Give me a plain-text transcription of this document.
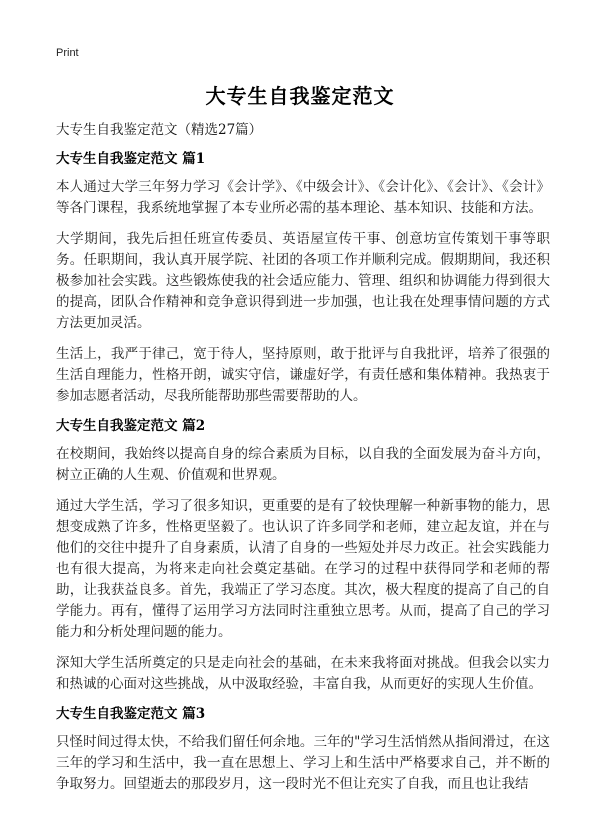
Print
大专生自我鉴定范文

大专生自我鉴定范文（精选27篇）

大专生自我鉴定范文 篇1

本人通过大学三年努力学习《会计学》、《中级会计》、《会计化》、《会计》、《会计》等各门课程，我系统地掌握了本专业所必需的基本理论、基本知识、技能和方法。

大学期间，我先后担任班宣传委员、英语屋宣传干事、创意坊宣传策划干事等职务。任职期间，我认真开展学院、社团的各项工作并顺利完成。假期期间，我还积极参加社会实践。这些锻炼使我的社会适应能力、管理、组织和协调能力得到很大的提高，团队合作精神和竞争意识得到进一步加强，也让我在处理事情问题的方式方法更加灵活。

生活上，我严于律己，宽于待人，坚持原则，敢于批评与自我批评，培养了很强的生活自理能力，性格开朗，诚实守信，谦虚好学，有责任感和集体精神。我热衷于参加志愿者活动，尽我所能帮助那些需要帮助的人。

大专生自我鉴定范文 篇2

在校期间，我始终以提高自身的综合素质为目标，以自我的全面发展为奋斗方向，树立正确的人生观、价值观和世界观。

通过大学生活，学习了很多知识，更重要的是有了较快理解一种新事物的能力，思想变成熟了许多，性格更坚毅了。也认识了许多同学和老师，建立起友谊，并在与他们的交往中提升了自身素质，认清了自身的一些短处并尽力改正。社会实践能力也有很大提高，为将来走向社会奠定基础。在学习的过程中获得同学和老师的帮助，让我获益良多。首先，我端正了学习态度。其次，极大程度的提高了自己的自学能力。再有，懂得了运用学习方法同时注重独立思考。从而，提高了自己的学习能力和分析处理问题的能力。

深知大学生活所奠定的只是走向社会的基础，在未来我将面对挑战。但我会以实力和热诚的心面对这些挑战，从中汲取经验，丰富自我，从而更好的实现人生价值。

大专生自我鉴定范文 篇3

只怪时间过得太快，不给我们留任何余地。三年的"学习生活悄然从指间滑过，在这三年的学习和生活中，我一直在思想上、学习上和生活中严格要求自己，并不断的争取努力。回望逝去的那段岁月，这一段时光不但让充实了自我，而且也让我结
